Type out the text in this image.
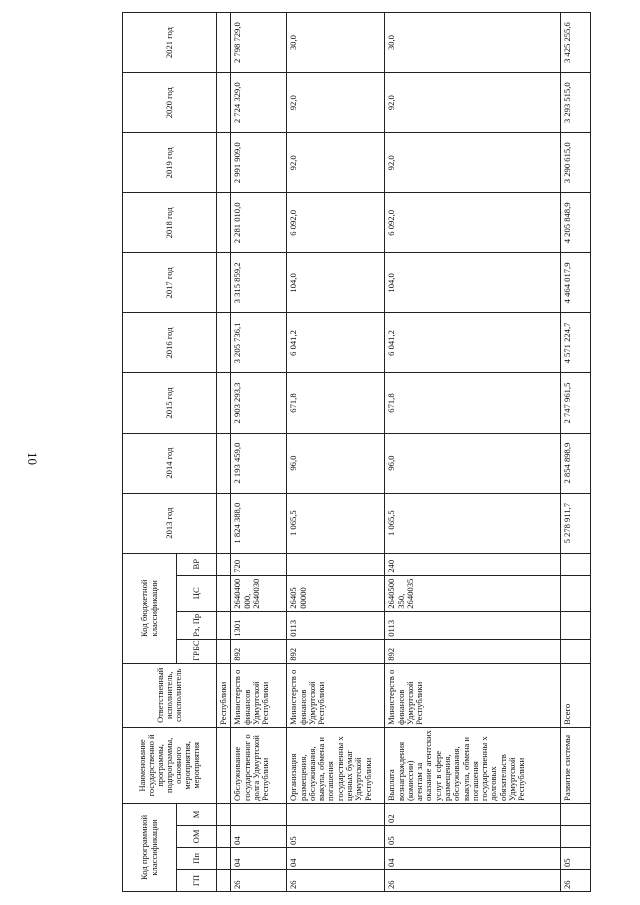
10
Код программной классификации				Наименование государственно й программы, подпрограммы, основного мероприятия, мероприятия	Ответственный исполнитель, соисполнитель	Код бюджетной классификации				2013 год	2014 год	2015 год	2016 год	2017 год	2018 год	2019 год	2020 год	2021 год
ГП	Пп	ОМ	М			ГРБС	Рз, Пр	ЦС	ВР									
					Республики													
26	04	04		Обслуживание государственног о долга Удмуртской Республики	Министерств о финансов Удмуртской Республики	892	1301	2640400 000, 2640030	720	1 824 388,0	2 193 459,0	2 903 293,3	3 205 736,1	3 315 859,2	2 281 010,0	2 991 909,0	2 724 329,0	2 798 729,0
26	04	05		Организация размещения, обслуживания, выкупа, обмена и погашения государственны х ценных бумаг Удмуртской Республики	Министерств о финансов Удмуртской Республики	892	0113	26405 00000		1 065,5	96,0	671,8	6 041,2	104,0	6 092,0	92,0	92,0	30,0
26	04	05	02	Выплата вознаграждения (комиссии) агентам за оказание агентских услуг в сфере размещения, обслуживания, выкупа, обмена и погашения государственны х долговых обязательств Удмуртской Республики	Министерств о финансов Удмуртской Республики	892	0113	2640500 350, 2640035	240	1 065,5	96,0	671,8	6 041,2	104,0	6 092,0	92,0	92,0	30,0
26	05			Развитие системы	Всего					5 278 911,7	2 854 898,9	2 747 961,5	4 571 224,7	4 464 017,9	4 205 848,9	3 290 615,0	3 293 515,0	3 425 255,6
